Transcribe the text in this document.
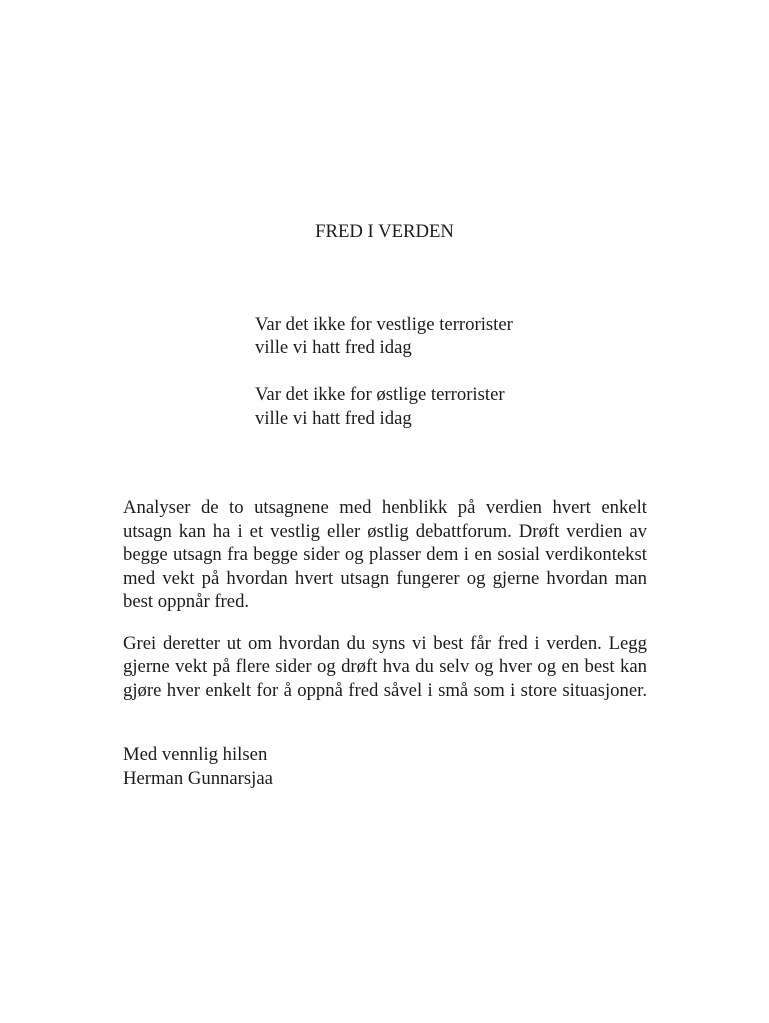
FRED I VERDEN
Var det ikke for vestlige terrorister
ville vi hatt fred idag
Var det ikke for østlige terrorister
ville vi hatt fred idag
Analyser de to utsagnene med henblikk på verdien hvert enkelt
utsagn kan ha i et vestlig eller østlig debattforum. Drøft verdien av
begge utsagn fra begge sider og plasser dem i en sosial verdikontekst
med vekt på hvordan hvert utsagn fungerer og gjerne hvordan man
best oppnår fred.
Grei deretter ut om hvordan du syns vi best får fred i verden. Legg
gjerne vekt på flere sider og drøft hva du selv og hver og en best kan
gjøre hver enkelt for å oppnå fred såvel i små som i store situasjoner.
Med vennlig hilsen
Herman Gunnarsjaa
